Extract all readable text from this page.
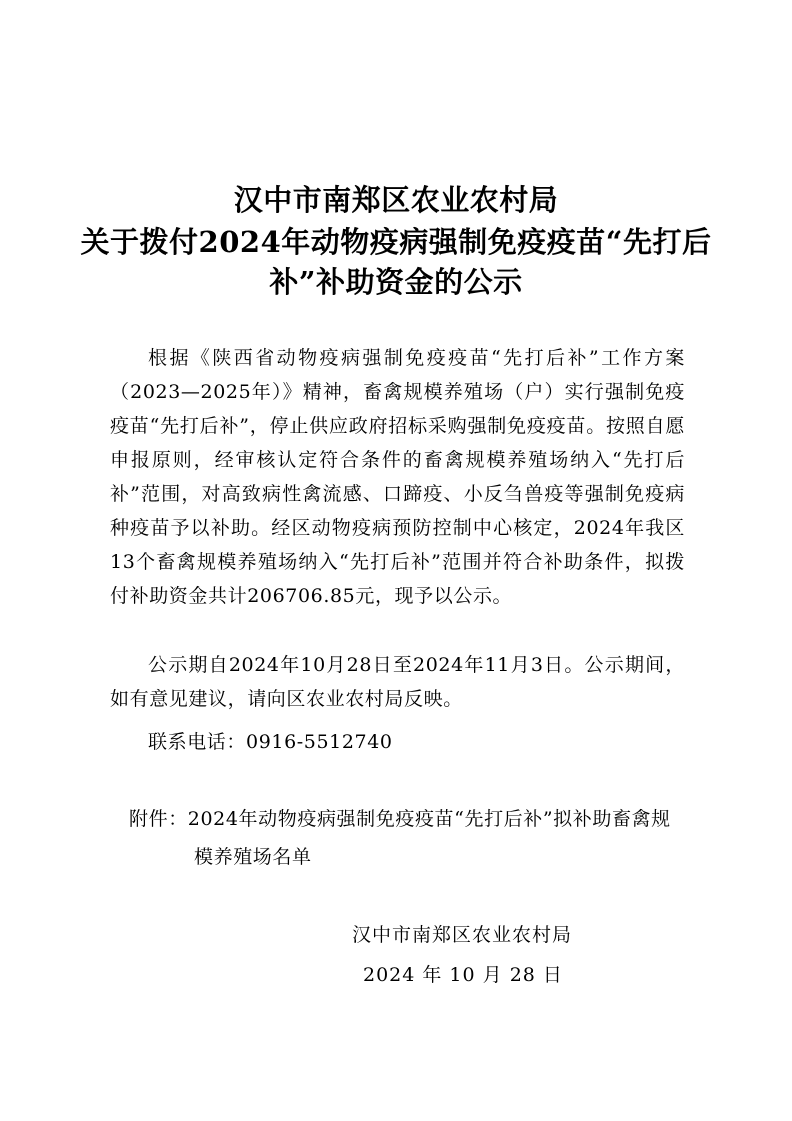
汉中市南郑区农业农村局
关于拨付2024年动物疫病强制免疫疫苗“先打后
补”补助资金的公示
根据《陕西省动物疫病强制免疫疫苗“先打后补”工作方案（2023—2025年）》精神，畜禽规模养殖场（户）实行强制免疫疫苗“先打后补”，停止供应政府招标采购强制免疫疫苗。按照自愿申报原则，经审核认定符合条件的畜禽规模养殖场纳入“先打后补”范围，对高致病性禽流感、口蹄疫、小反刍兽疫等强制免疫病种疫苗予以补助。经区动物疫病预防控制中心核定，2024年我区13个畜禽规模养殖场纳入“先打后补”范围并符合补助条件，拟拨付补助资金共计206706.85元，现予以公示。
公示期自2024年10月28日至2024年11月3日。公示期间，如有意见建议，请向区农业农村局反映。
联系电话：0916-5512740
附件：2024年动物疫病强制免疫疫苗“先打后补”拟补助畜禽规模养殖场名单
汉中市南郑区农业农村局
2024 年 10 月 28 日
